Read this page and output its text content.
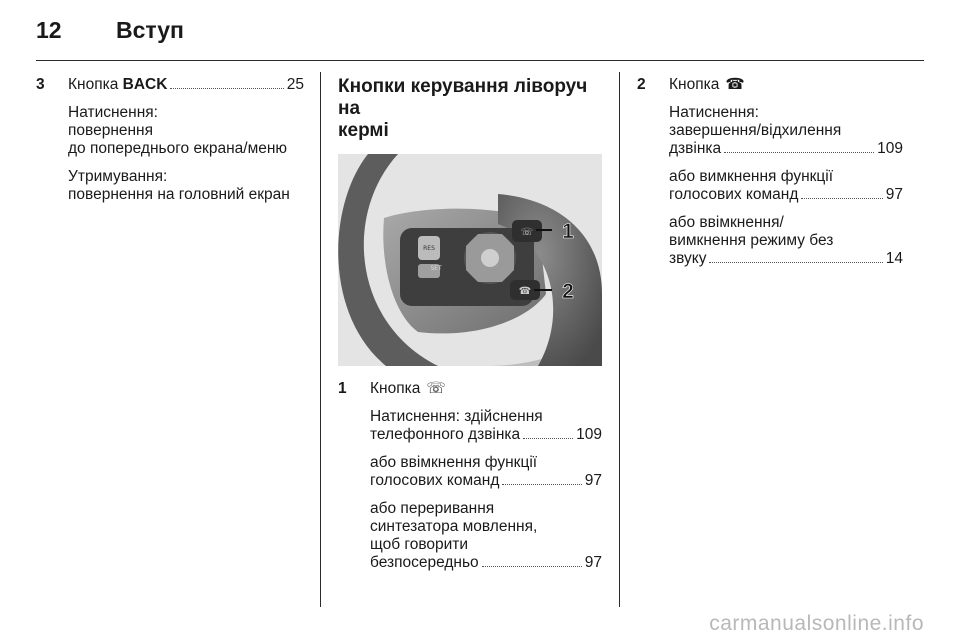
12	Вступ
3	Кнопка BACK	25
Натиснення:
повернення
до попереднього екрана/меню
Утримування:
повернення на головний екран
Кнопки керування ліворуч на
кермі
RES
SET
☏
☎
1
2
1	Кнопка ☏
Натиснення: здійснення
телефонного дзвінка	109
або ввімкнення функції
голосових команд	97
або переривання
синтезатора мовлення,
щоб говорити
безпосередньо	97
2	Кнопка ☎
Натиснення:
завершення/відхилення
дзвінка	109
або вимкнення функції
голосових команд	97
або ввімкнення/
вимкнення режиму без
звуку	14
carmanualsonline.info
